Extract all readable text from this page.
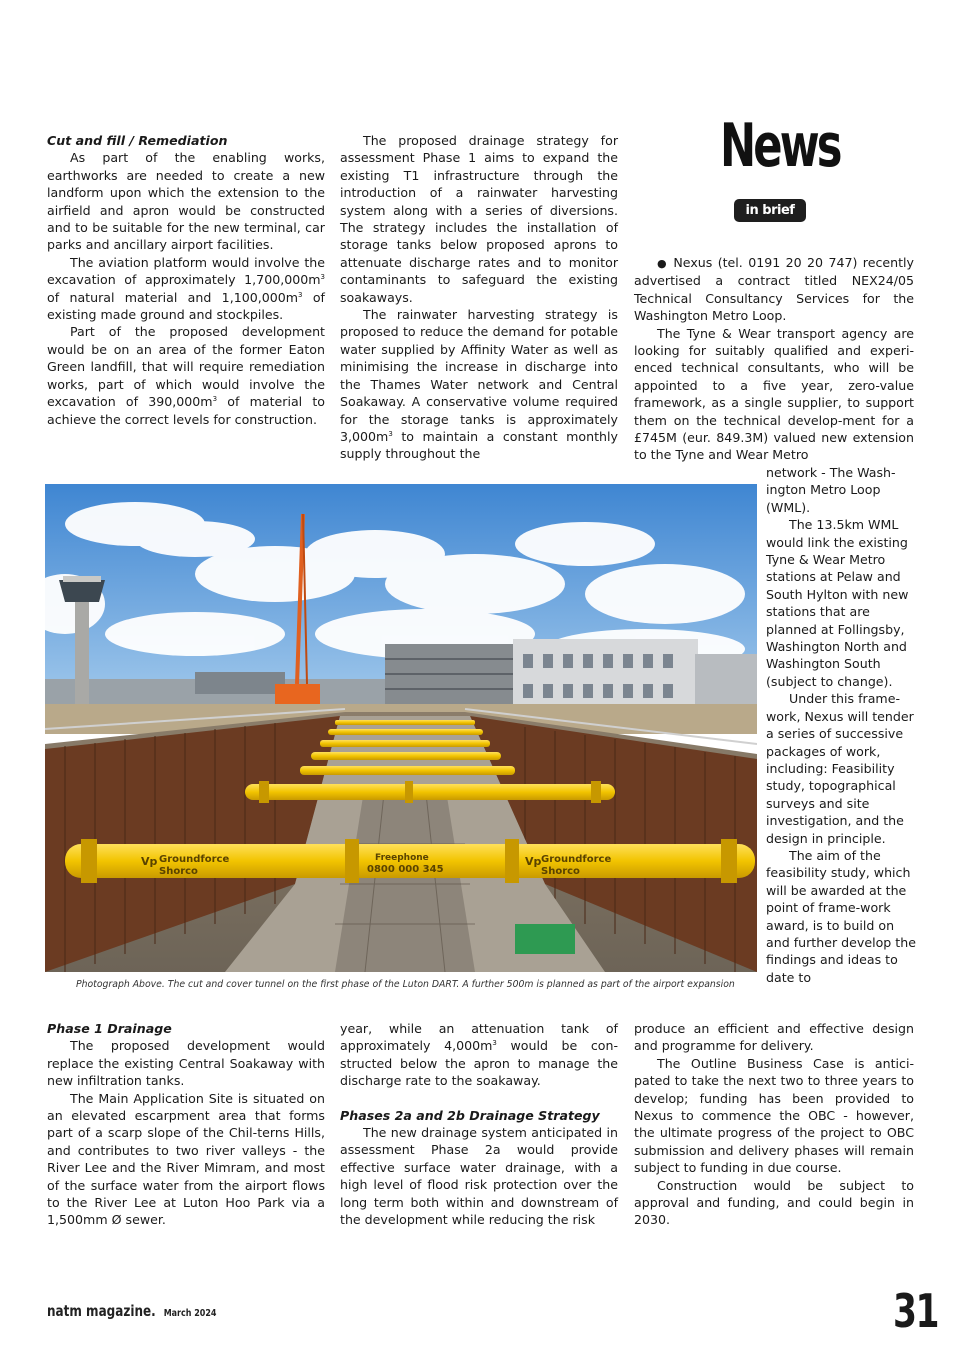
Cut and fill / Remediation

As part of the enabling works, earthworks are needed to create a new landform upon which the extension to the airfield and apron would be constructed and to be suitable for the new terminal, car parks and ancillary airport facilities.

The aviation platform would involve the excavation of approximately $1,700,000m^3$ of natural material and $1,100,000m^3$ of existing made ground and stockpiles.

Part of the proposed development would be on an area of the former Eaton Green landfill, that will require remediation works, part of which would involve the excavation of $390,000m^3$ of material to achieve the correct levels for construction.

The proposed drainage strategy for assessment Phase 1 aims to expand the existing T1 infrastructure through the introduction of a rainwater harvesting system along with a series of diversions. The strategy includes the installation of storage tanks below proposed aprons to attenuate discharge rates and to monitor contaminants to safeguard the existing soakaways.

The rainwater harvesting strategy is proposed to reduce the demand for potable water supplied by Affinity Water as well as minimising the increase in discharge into the Thames Water network and Central Soakaway. A conservative volume required for the storage tanks is approximately $3,000m^3$ to maintain a constant monthly supply throughout the

News
in brief

● Nexus (tel. 0191 20 20 747) recently advertised a contract titled NEX24/05 Technical Consultancy Services for the Washington Metro Loop.

The Tyne & Wear transport agency are looking for suitably qualified and experi-enced technical consultants, who will be appointed to a five year, zero-value framework, as a single supplier, to support them on the technical develop-ment for a £745M (eur. 849.3M) valued new extension to the Tyne and Wear Metro

network - The Wash-ington Metro Loop (WML).

The 13.5km WML would link the existing Tyne & Wear Metro stations at Pelaw and South Hylton with new stations that are planned at Follingsby, Washington North and Washington South (subject to change).

Under this frame-work, Nexus will tender a series of successive packages of work, including: Feasibility study, topographical surveys and site investigation, and the design in principle.

The aim of the feasibility study, which will be awarded at the point of frame-work award, is to build on and further develop the findings and ideas to date to

Vp Groundforce
Shorco
Freephone
0800 000 345
Vp Groundforce
Shorco
Photograph Above. The cut and cover tunnel on the first phase of the Luton DART. A further 500m is planned as part of the airport expansion
Phase 1 Drainage

The proposed development would replace the existing Central Soakaway with new infiltration tanks.

The Main Application Site is situated on an elevated escarpment area that forms part of a scarp slope of the Chil-terns Hills, and contributes to two river valleys - the River Lee and the River Mimram, and most of the surface water from the airport flows to the River Lee at Luton Hoo Park via a 1,500mm Ø sewer.

year, while an attenuation tank of approximately $4,000m^3$ would be con-structed below the apron to manage the discharge rate to the soakaway.

Phases 2a and 2b Drainage Strategy

The new drainage system anticipated in assessment Phase 2a would provide effective surface water drainage, with a high level of flood risk protection over the long term both within and downstream of the development while reducing the risk

produce an efficient and effective design and programme for delivery.

The Outline Business Case is antici-pated to take the next two to three years to develop; funding has been provided to Nexus to commence the OBC - however, the ultimate progress of the project to OBC submission and delivery phases will remain subject to funding in due course.

Construction would be subject to approval and funding, and could begin in 2030.

natm magazine. March 2024	31
